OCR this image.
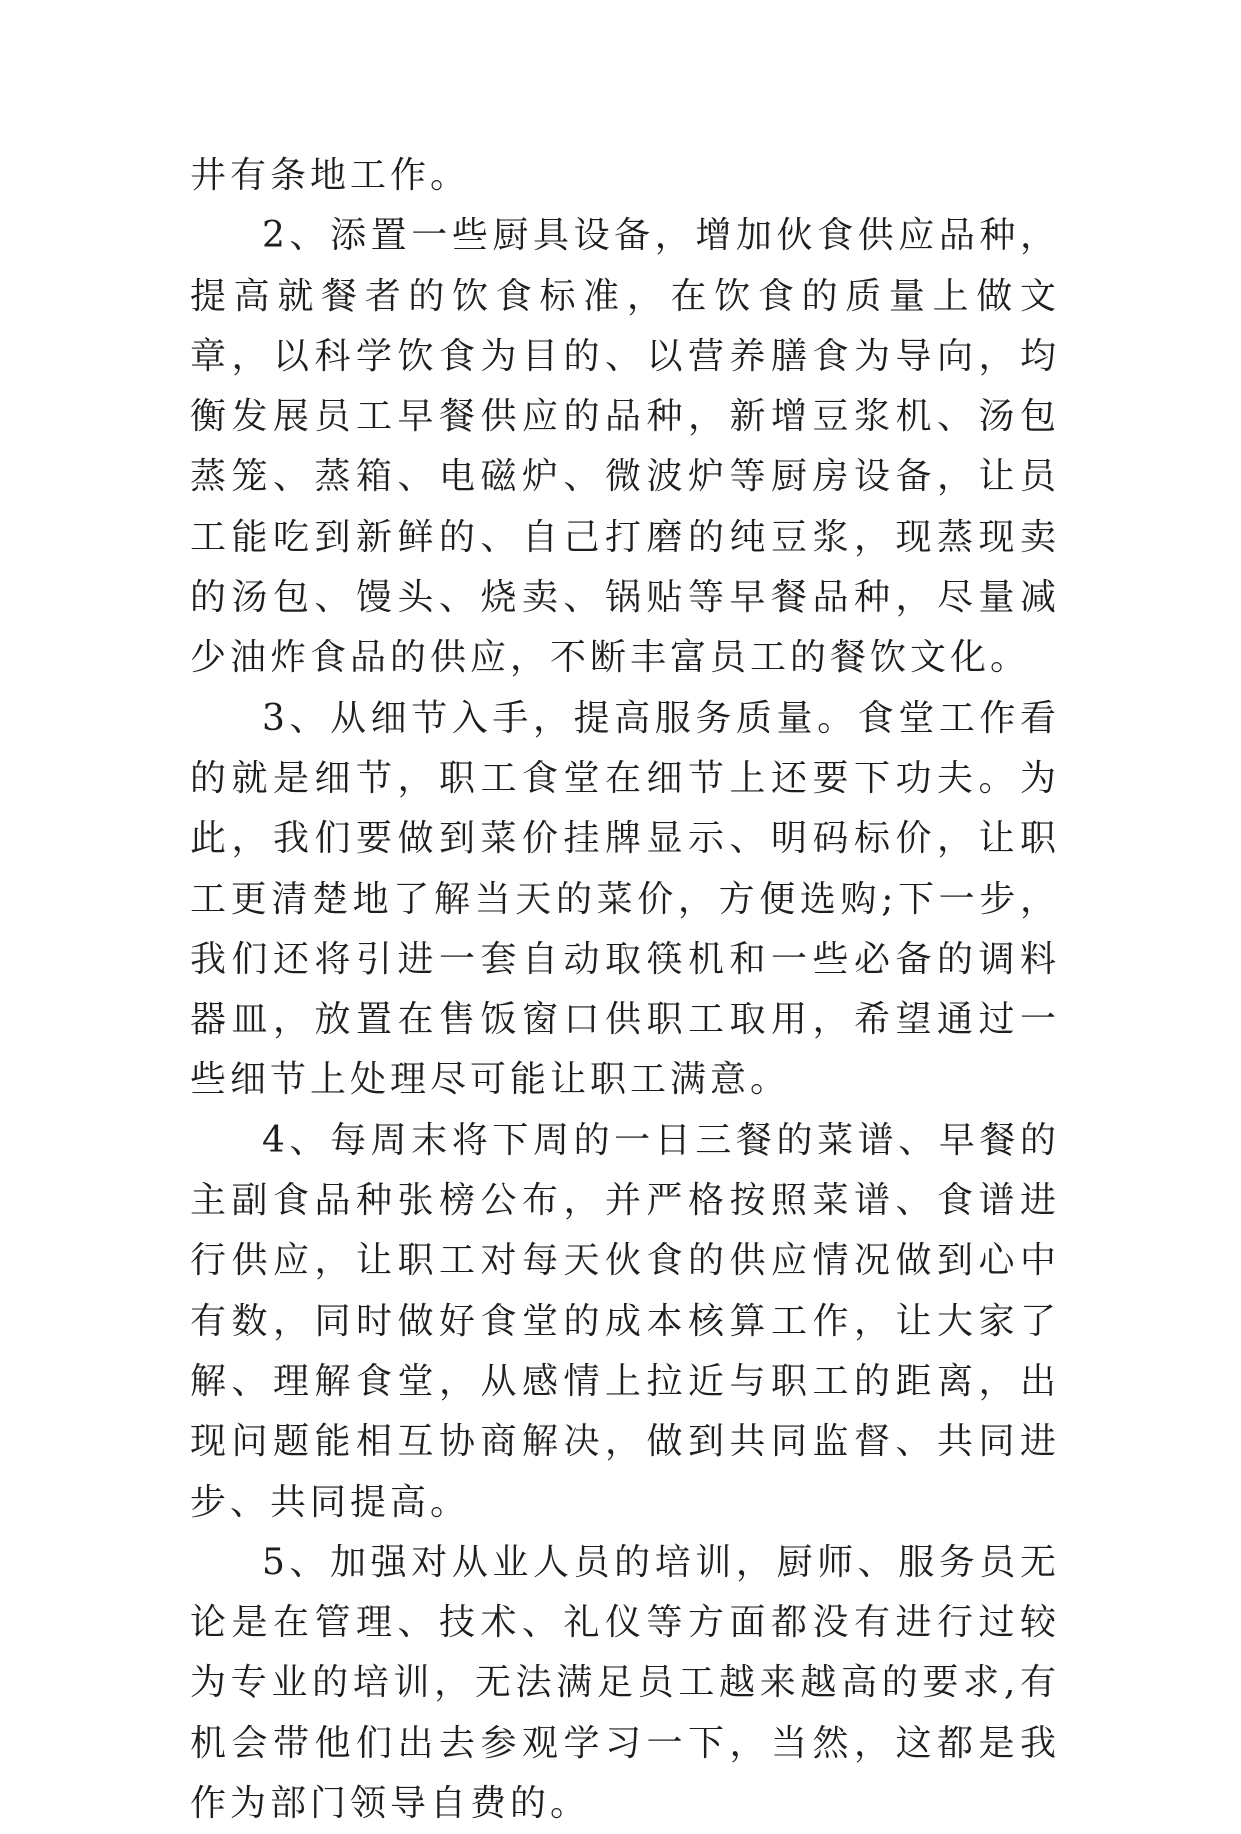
井有条地工作。

2、添置一些厨具设备，增加伙食供应品种，提高就餐者的饮食标准，在饮食的质量上做文章，以科学饮食为目的、以营养膳食为导向，均衡发展员工早餐供应的品种，新增豆浆机、汤包蒸笼、蒸箱、电磁炉、微波炉等厨房设备，让员工能吃到新鲜的、自己打磨的纯豆浆，现蒸现卖的汤包、馒头、烧卖、锅贴等早餐品种，尽量减少油炸食品的供应，不断丰富员工的餐饮文化。

3、从细节入手，提高服务质量。食堂工作看的就是细节，职工食堂在细节上还要下功夫。为此，我们要做到菜价挂牌显示、明码标价，让职工更清楚地了解当天的菜价，方便选购;下一步，我们还将引进一套自动取筷机和一些必备的调料器皿，放置在售饭窗口供职工取用，希望通过一些细节上处理尽可能让职工满意。

4、每周末将下周的一日三餐的菜谱、早餐的主副食品种张榜公布，并严格按照菜谱、食谱进行供应，让职工对每天伙食的供应情况做到心中有数，同时做好食堂的成本核算工作，让大家了解、理解食堂，从感情上拉近与职工的距离，出现问题能相互协商解决，做到共同监督、共同进步、共同提高。

5、加强对从业人员的培训，厨师、服务员无论是在管理、技术、礼仪等方面都没有进行过较为专业的培训，无法满足员工越来越高的要求,有机会带他们出去参观学习一下，当然，这都是我作为部门领导自费的。
